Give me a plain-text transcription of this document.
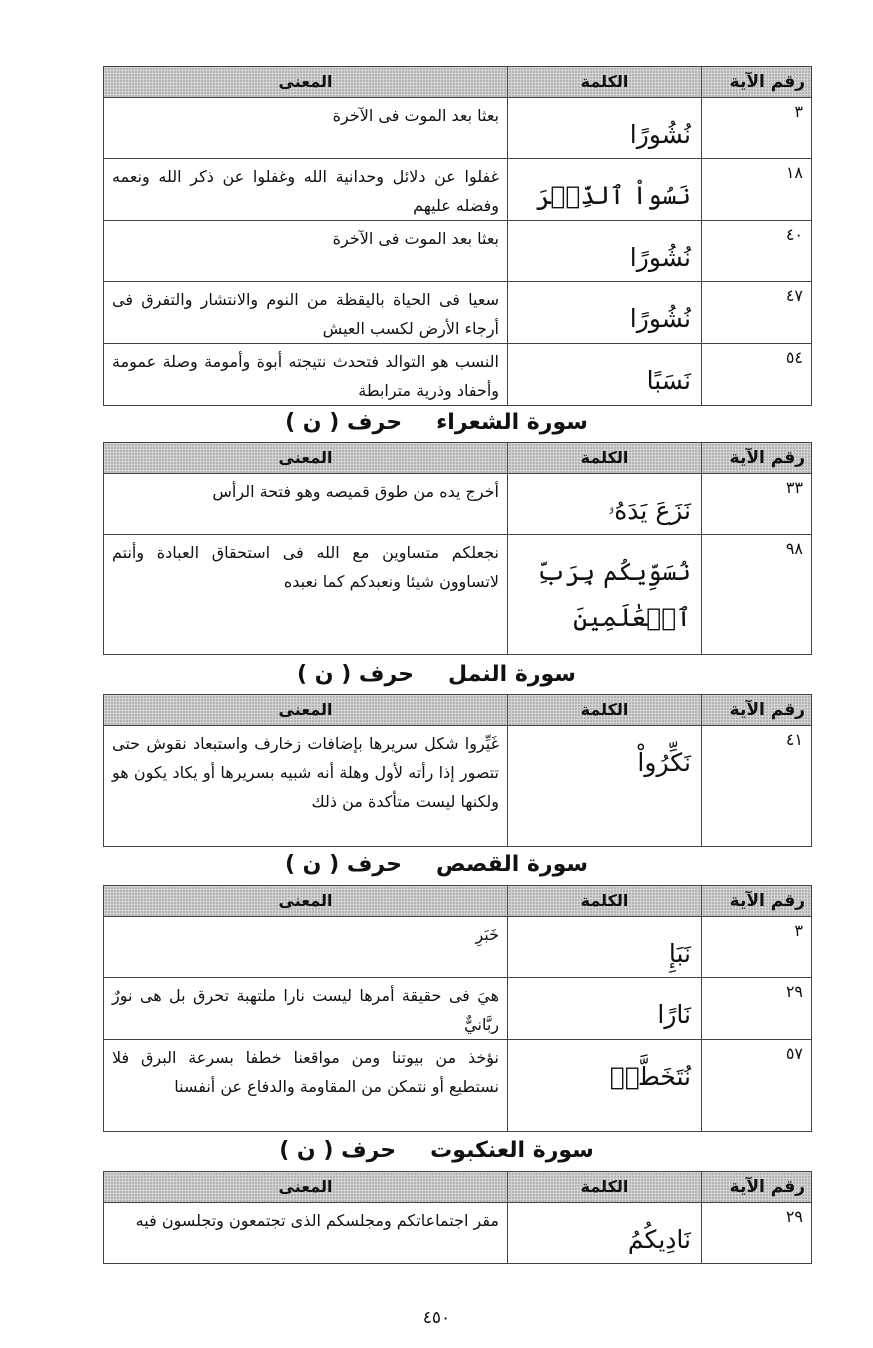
رقم الآية	الكلمة	المعنى
٣	نُشُورًا	بعثا بعد الموت فى الآخرة
١٨	نَسُواْ ٱلذِّكۡرَ	غفلوا عن دلائل وحدانية الله وغفلوا عن ذكر الله ونعمه وفضله عليهم
٤٠	نُشُورًا	بعثا بعد الموت فى الآخرة
٤٧	نُشُورًا	سعيا فى الحياة باليقظة من النوم والانتشار والتفرق فى أرجاء الأرض لكسب العيش
٥٤	نَسَبًا	النسب هو التوالد فتحدث نتيجته أبوة وأمومة وصلة عمومة وأحفاد وذرية مترابطة
سورة الشعراءحرف ( ن )
رقم الآية	الكلمة	المعنى
٣٣	نَزَعَ يَدَهُۥ	أخرج يده من طوق قميصه وهو فتحة الرأس
٩٨	نُسَوِّيكُم بِرَبِّ ٱلۡعَٰلَمِينَ	نجعلكم متساوين مع الله فى استحقاق العبادة وأنتم لاتساوون شيئا ونعبدكم كما نعبده
سورة النملحرف ( ن )
رقم الآية	الكلمة	المعنى
٤١	نَكِّرُواْ	غَيِّروا شكل سريرها بإضافات زخارف واستبعاد نقوش حتى تتصور إذا رأته لأول وهلة أنه شبيه بسريرها أو يكاد يكون هو ولكنها ليست متأكدة من ذلك
سورة القصصحرف ( ن )
رقم الآية	الكلمة	المعنى
٣	نَبَإِ	خَبَرِ
٢٩	نَارًا	هيَ فى حقيقة أمرها ليست نارا ملتهبة تحرق بل هى نورٌ ربَّانيٌّ
٥٧	نُتَخَطَّفۡ	نؤخذ من بيوتنا ومن مواقعنا خطفا بسرعة البرق فلا نستطيع أو نتمكن من المقاومة والدفاع عن أنفسنا
سورة العنكبوتحرف ( ن )
رقم الآية	الكلمة	المعنى
٢٩	نَادِيكُمُ	مقر اجتماعاتكم ومجلسكم الذى تجتمعون وتجلسون فيه
٤٥٠
